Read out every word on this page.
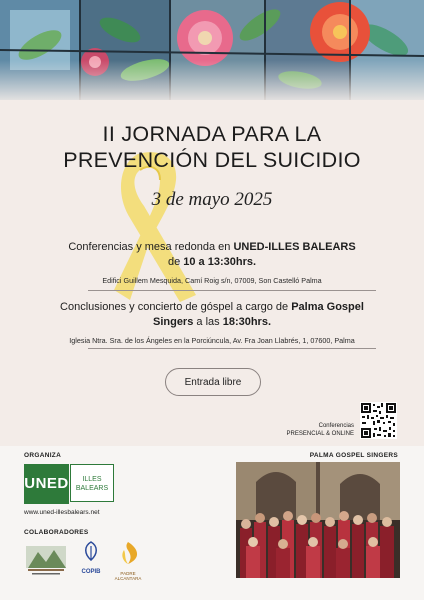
II JORNADA PARA LA
PREVENCIÓN DEL SUICIDIO
3 de mayo 2025
Conferencias y mesa redonda en UNED-ILLES BALEARS
de 10 a 13:30hrs.
Edifici Guillem Mesquida, Camí Roig s/n, 07009, Son Castelló Palma
Conclusiones y concierto de góspel a cargo de Palma Gospel
Singers a las 18:30hrs.
Iglesia Ntra. Sra. de los Ángeles en la Porciúncula, Av. Fra Joan Llabrés, 1, 07600, Palma
Entrada libre
Conferencias
PRESENCIAL & ONLINE
ORGANIZA
UNED	ILLES
BALEARS
www.uned-illesbalears.net
COLABORADORES
COPIB	PADRE ALCANTARA
PALMA GOSPEL SINGERS
